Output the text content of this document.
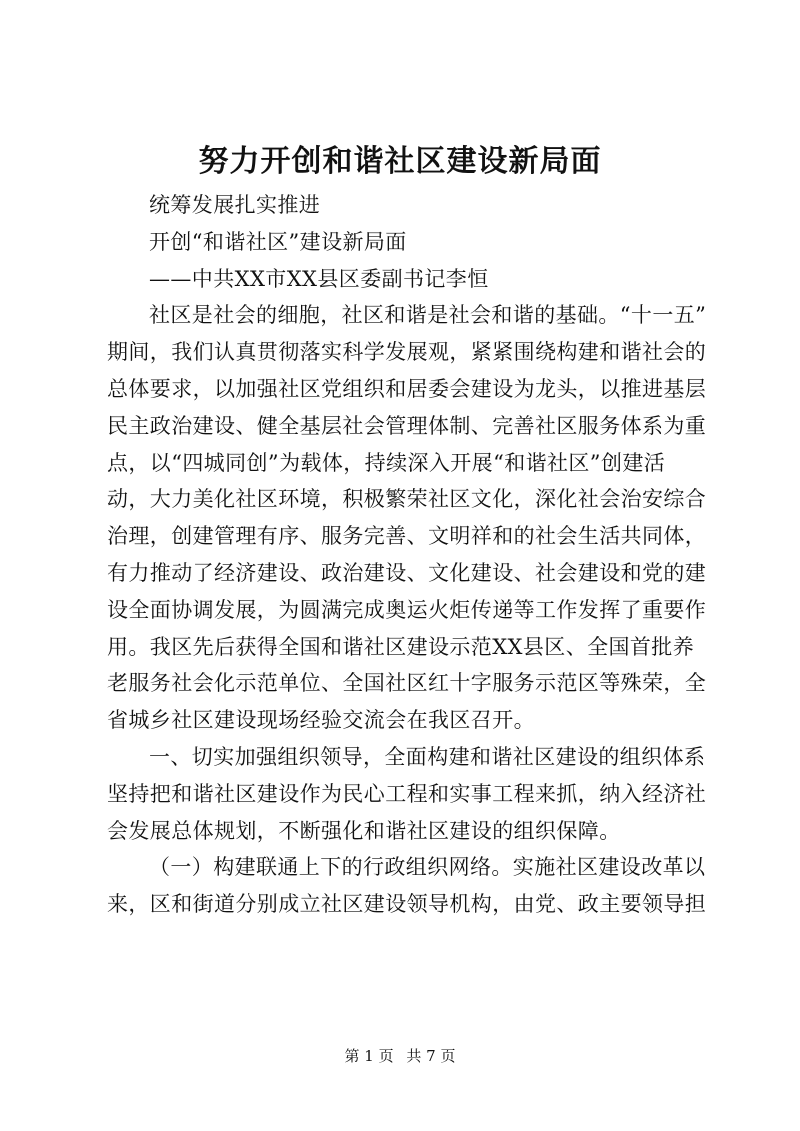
努力开创和谐社区建设新局面
统筹发展扎实推进
开创“和谐社区”建设新局面
——中共XX市XX县区委副书记李恒
社区是社会的细胞，社区和谐是社会和谐的基础。“十一五”
期间，我们认真贯彻落实科学发展观，紧紧围绕构建和谐社会的
总体要求，以加强社区党组织和居委会建设为龙头，以推进基层
民主政治建设、健全基层社会管理体制、完善社区服务体系为重
点，以“四城同创”为载体，持续深入开展“和谐社区”创建活
动，大力美化社区环境，积极繁荣社区文化，深化社会治安综合
治理，创建管理有序、服务完善、文明祥和的社会生活共同体，
有力推动了经济建设、政治建设、文化建设、社会建设和党的建
设全面协调发展，为圆满完成奥运火炬传递等工作发挥了重要作
用。我区先后获得全国和谐社区建设示范XX县区、全国首批养
老服务社会化示范单位、全国社区红十字服务示范区等殊荣，全
省城乡社区建设现场经验交流会在我区召开。
一、切实加强组织领导，全面构建和谐社区建设的组织体系
坚持把和谐社区建设作为民心工程和实事工程来抓，纳入经济社
会发展总体规划，不断强化和谐社区建设的组织保障。
（一）构建联通上下的行政组织网络。实施社区建设改革以
来，区和街道分别成立社区建设领导机构，由党、政主要领导担
第 1 页 共 7 页
